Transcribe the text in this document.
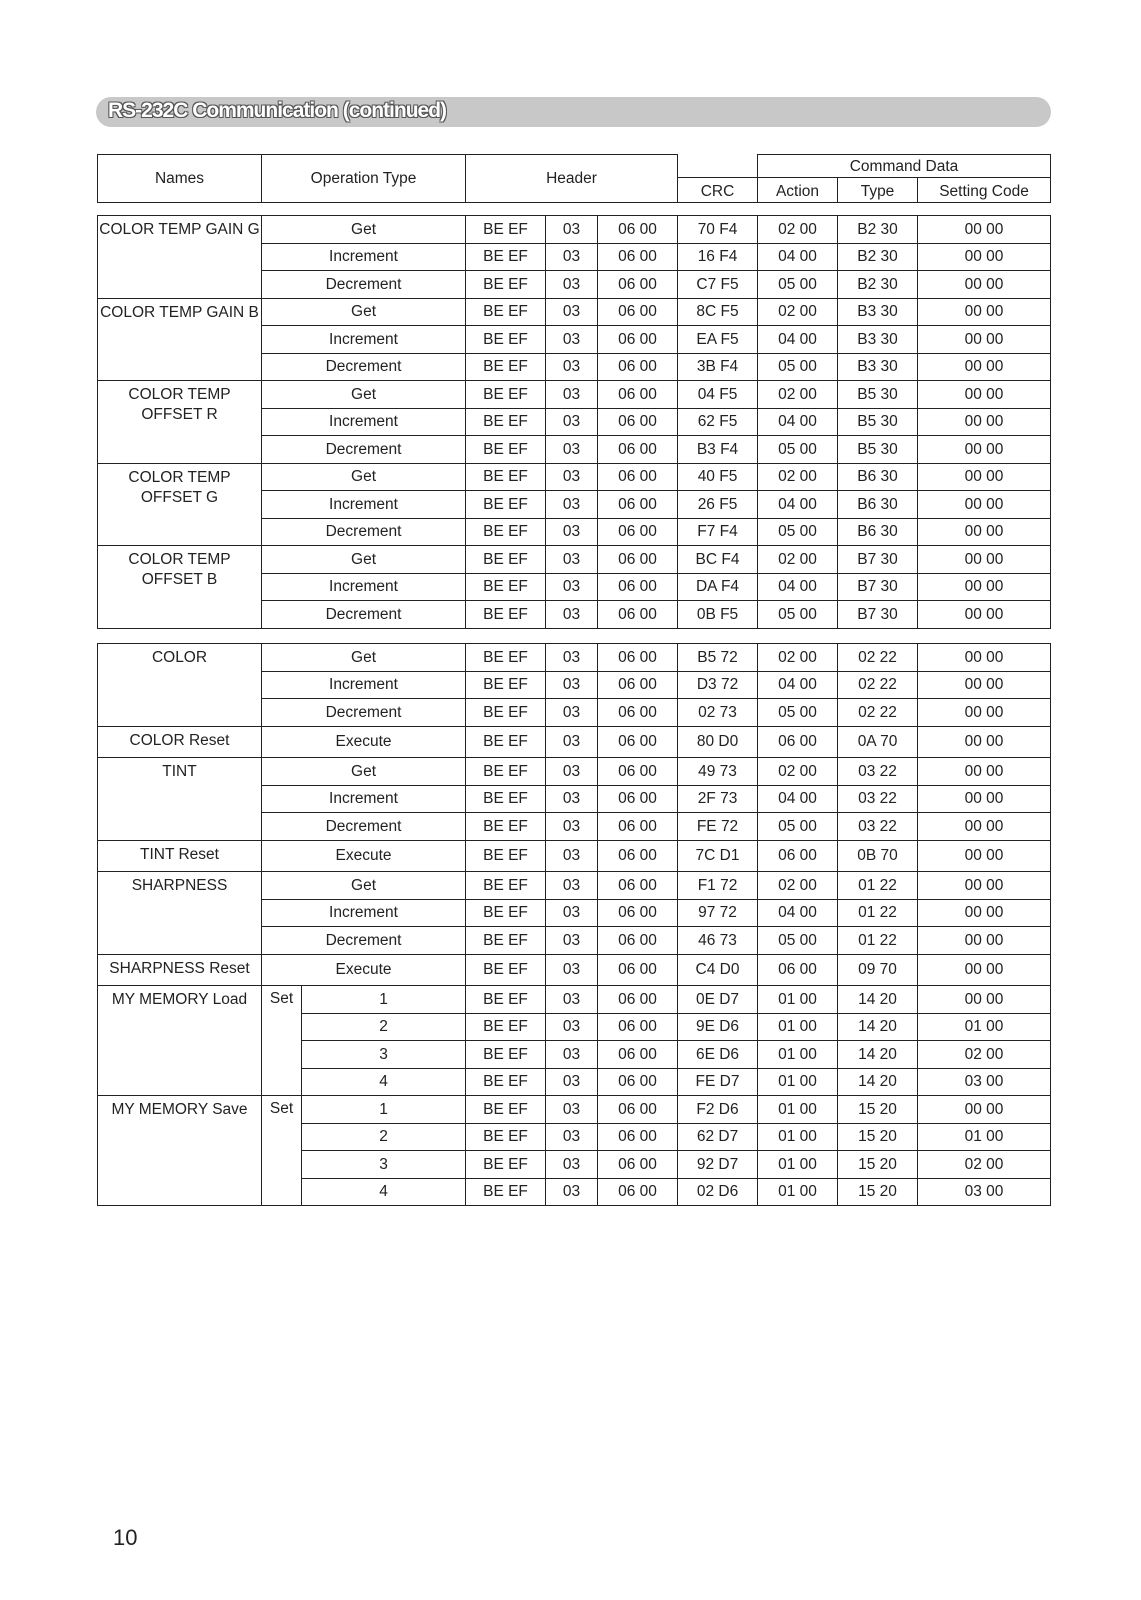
RS-232C Communication (continued)
Names	Operation Type	Header		Command Data		
			CRC	Action	Type	Setting Code
COLOR TEMP GAIN G	Get	BE EF	03	06 00	70 F4	02 00	B2 30	00 00
	Increment	BE EF	03	06 00	16 F4	04 00	B2 30	00 00
	Decrement	BE EF	03	06 00	C7 F5	05 00	B2 30	00 00
COLOR TEMP GAIN B	Get	BE EF	03	06 00	8C F5	02 00	B3 30	00 00
	Increment	BE EF	03	06 00	EA F5	04 00	B3 30	00 00
	Decrement	BE EF	03	06 00	3B F4	05 00	B3 30	00 00
COLOR TEMP OFFSET R	Get	BE EF	03	06 00	04 F5	02 00	B5 30	00 00
	Increment	BE EF	03	06 00	62 F5	04 00	B5 30	00 00
	Decrement	BE EF	03	06 00	B3 F4	05 00	B5 30	00 00
COLOR TEMP OFFSET G	Get	BE EF	03	06 00	40 F5	02 00	B6 30	00 00
	Increment	BE EF	03	06 00	26 F5	04 00	B6 30	00 00
	Decrement	BE EF	03	06 00	F7 F4	05 00	B6 30	00 00
COLOR TEMP OFFSET B	Get	BE EF	03	06 00	BC F4	02 00	B7 30	00 00
	Increment	BE EF	03	06 00	DA F4	04 00	B7 30	00 00
	Decrement	BE EF	03	06 00	0B F5	05 00	B7 30	00 00
COLOR	Get		BE EF	03	06 00	B5 72	02 00	02 22	00 00
	Increment		BE EF	03	06 00	D3 72	04 00	02 22	00 00
	Decrement		BE EF	03	06 00	02 73	05 00	02 22	00 00
COLOR Reset	Execute		BE EF	03	06 00	80 D0	06 00	0A 70	00 00
TINT	Get		BE EF	03	06 00	49 73	02 00	03 22	00 00
	Increment		BE EF	03	06 00	2F 73	04 00	03 22	00 00
	Decrement		BE EF	03	06 00	FE 72	05 00	03 22	00 00
TINT Reset	Execute		BE EF	03	06 00	7C D1	06 00	0B 70	00 00
SHARPNESS	Get		BE EF	03	06 00	F1 72	02 00	01 22	00 00
	Increment		BE EF	03	06 00	97 72	04 00	01 22	00 00
	Decrement		BE EF	03	06 00	46 73	05 00	01 22	00 00
SHARPNESS Reset	Execute		BE EF	03	06 00	C4 D0	06 00	09 70	00 00
MY MEMORY Load	Set	1	BE EF	03	06 00	0E D7	01 00	14 20	00 00
		2	BE EF	03	06 00	9E D6	01 00	14 20	01 00
		3	BE EF	03	06 00	6E D6	01 00	14 20	02 00
		4	BE EF	03	06 00	FE D7	01 00	14 20	03 00
MY MEMORY Save	Set	1	BE EF	03	06 00	F2 D6	01 00	15 20	00 00
		2	BE EF	03	06 00	62 D7	01 00	15 20	01 00
		3	BE EF	03	06 00	92 D7	01 00	15 20	02 00
		4	BE EF	03	06 00	02 D6	01 00	15 20	03 00
10
